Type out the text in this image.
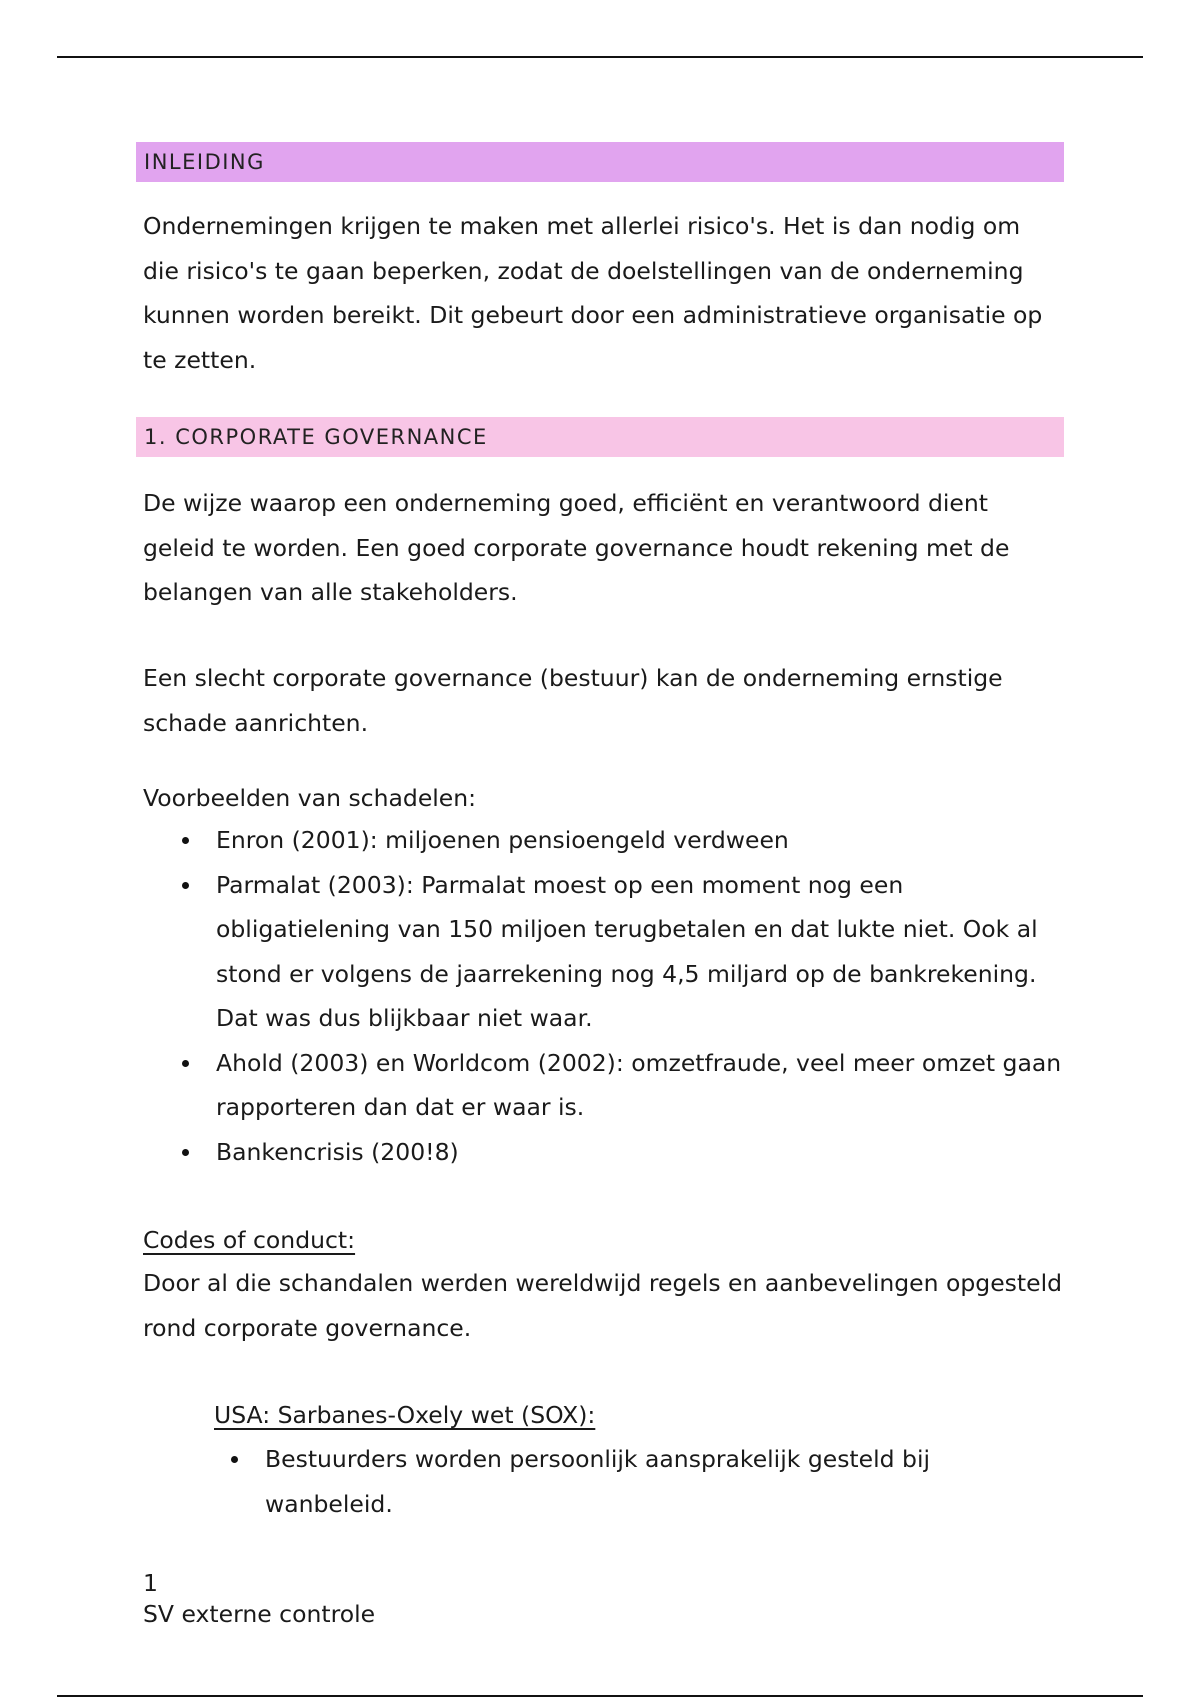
INLEIDING

Ondernemingen krijgen te maken met allerlei risico's. Het is dan nodig om die risico's te gaan beperken, zodat de doelstellingen van de onderneming kunnen worden bereikt. Dit gebeurt door een administratieve organisatie op te zetten.

1. CORPORATE GOVERNANCE

De wijze waarop een onderneming goed, efficiënt en verantwoord dient geleid te worden. Een goed corporate governance houdt rekening met de belangen van alle stakeholders.

Een slecht corporate governance (bestuur) kan de onderneming ernstige schade aanrichten.

Voorbeelden van schadelen:

Enron (2001): miljoenen pensioengeld verdween
Parmalat (2003): Parmalat moest op een moment nog een obligatielening van 150 miljoen terugbetalen en dat lukte niet. Ook al stond er volgens de jaarrekening nog 4,5 miljard op de bankrekening. Dat was dus blijkbaar niet waar.
Ahold (2003) en Worldcom (2002): omzetfraude, veel meer omzet gaan rapporteren dan dat er waar is.
Bankencrisis (200!8)
Codes of conduct:

Door al die schandalen werden wereldwijd regels en aanbevelingen opgesteld rond corporate governance.

USA: Sarbanes-Oxely wet (SOX):
Bestuurders worden persoonlijk aansprakelijk gesteld bij wanbeleid.
1
SV externe controle
